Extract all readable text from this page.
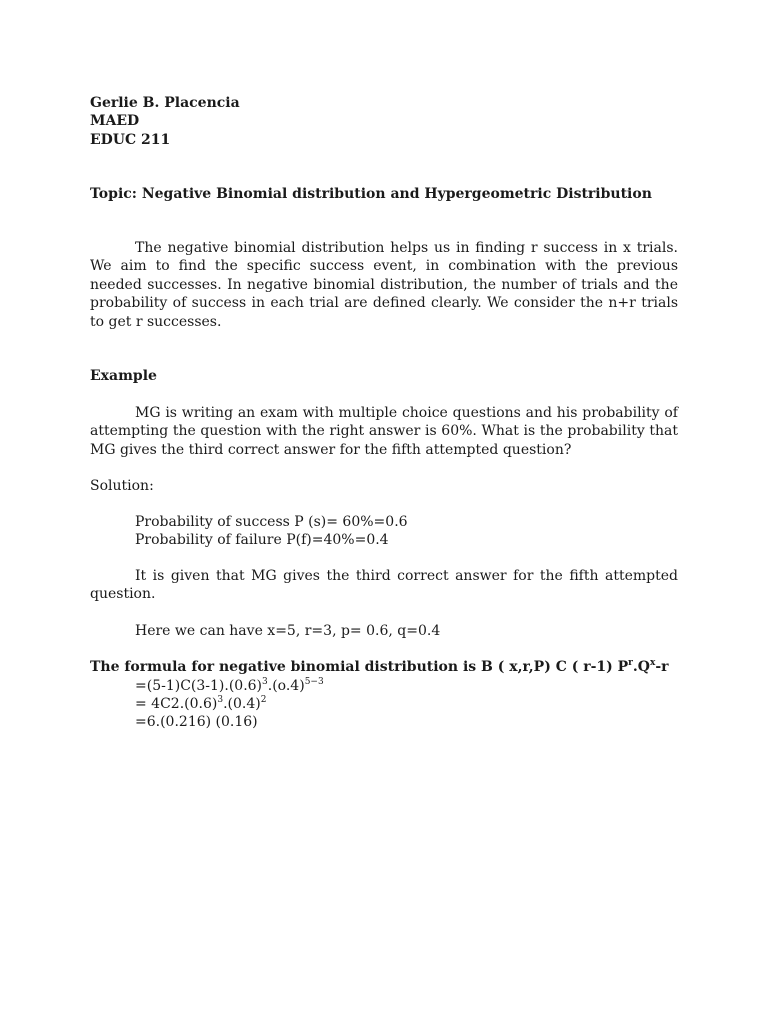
Gerlie B. Placencia
MAED
EDUC 211
Topic: Negative Binomial distribution and Hypergeometric Distribution
The negative binomial distribution helps us in finding r success in x trials. We aim to find the specific success event, in combination with the previous needed successes. In negative binomial distribution, the number of trials and the probability of success in each trial are defined clearly. We consider the n+r trials to get r successes.
Example
MG is writing an exam with multiple choice questions and his probability of attempting the question with the right answer is 60%. What is the probability that MG gives the third correct answer for the fifth attempted question?
Solution:
Probability of success P (s)= 60%=0.6
Probability of failure P(f)=40%=0.4
It is given that MG gives the third correct answer for the fifth attempted question.
Here we can have x=5, r=3, p= 0.6, q=0.4
The formula for negative binomial distribution is B ( x,r,P) C ( r-1) $P^r.Q^x-r$
$=(5-1)C(3-1).(0.6)^3.(o.4)^{5-3}$
= $4C2.(0.6)^3.(0.4)^2$
=6.(0.216) (0.16)
